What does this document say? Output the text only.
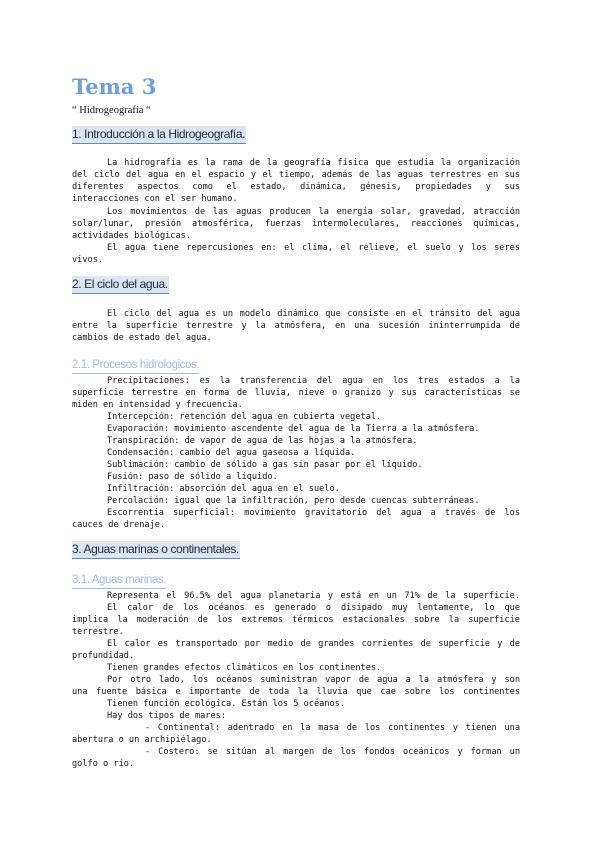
Tema 3
“ Hidrogeografía “
1. Introducción a la Hidrogeografía.
La hidrografía es la rama de la geografía física que estudia la organización
del ciclo del agua en el espacio y el tiempo, además de las aguas terrestres en sus
diferentes aspectos como el estado, dinámica, génesis, propiedades y sus
interacciones con el ser humano.
Los movimientos de las aguas producen la energía solar, gravedad, atracción
solar/lunar, presión atmosférica, fuerzas intermoleculares, reacciones químicas,
actividades biológicas.
El agua tiene repercusiones en: el clima, el relieve, el suelo y los seres
vivos.
2. El ciclo del agua.
El ciclo del agua es un modelo dinámico que consiste en el tránsito del agua
entre la superficie terrestre y la atmósfera, en una sucesión ininterrumpida de
cambios de estado del agua.
2.1. Procesos hidrologicos.
Precipitaciones: es la transferencia del agua en los tres estados a la
superficie terrestre en forma de lluvia, nieve o granizo y sus características se
miden en intensidad y frecuencia.
Intercepción: retención del agua en cubierta vegetal.
Evaporación: movimiento ascendente del agua de la Tierra a la atmósfera.
Transpiración: de vapor de agua de las hojas a la atmósfera.
Condensación: cambio del agua gaseosa a líquida.
Sublimación: cambio de sólido a gas sin pasar por el líquido.
Fusión: paso de sólido a líquido.
Infiltración: absorción del agua en el suelo.
Percolación: igual que la infiltración, pero desde cuencas subterráneas.
Escorrentía superficial: movimiento gravitatorio del agua a través de los
cauces de drenaje.
3. Aguas marinas o continentales.
3.1. Aguas marinas.
Representa el 96.5% del agua planetaria y está en un 71% de la superficie.
El calor de los océanos es generado o disipado muy lentamente, lo que
implica la moderación de los extremos térmicos estacionales sobre la superficie
terrestre.
El calor es transportado por medio de grandes corrientes de superficie y de
profundidad.
Tienen grandes efectos climáticos en los continentes.
Por otro lado, los océanos suministran vapor de agua a la atmósfera y son
una fuente básica e importante de toda la lluvia que cae sobre los continentes
Tienen función ecológica. Están los 5 océanos.
Hay dos tipos de mares:
- Continental: adentrado en la masa de los continentes y tienen una
abertura o un archipiélago.
- Costero: se sitúan al margen de los fondos oceánicos y forman un
golfo o río.
